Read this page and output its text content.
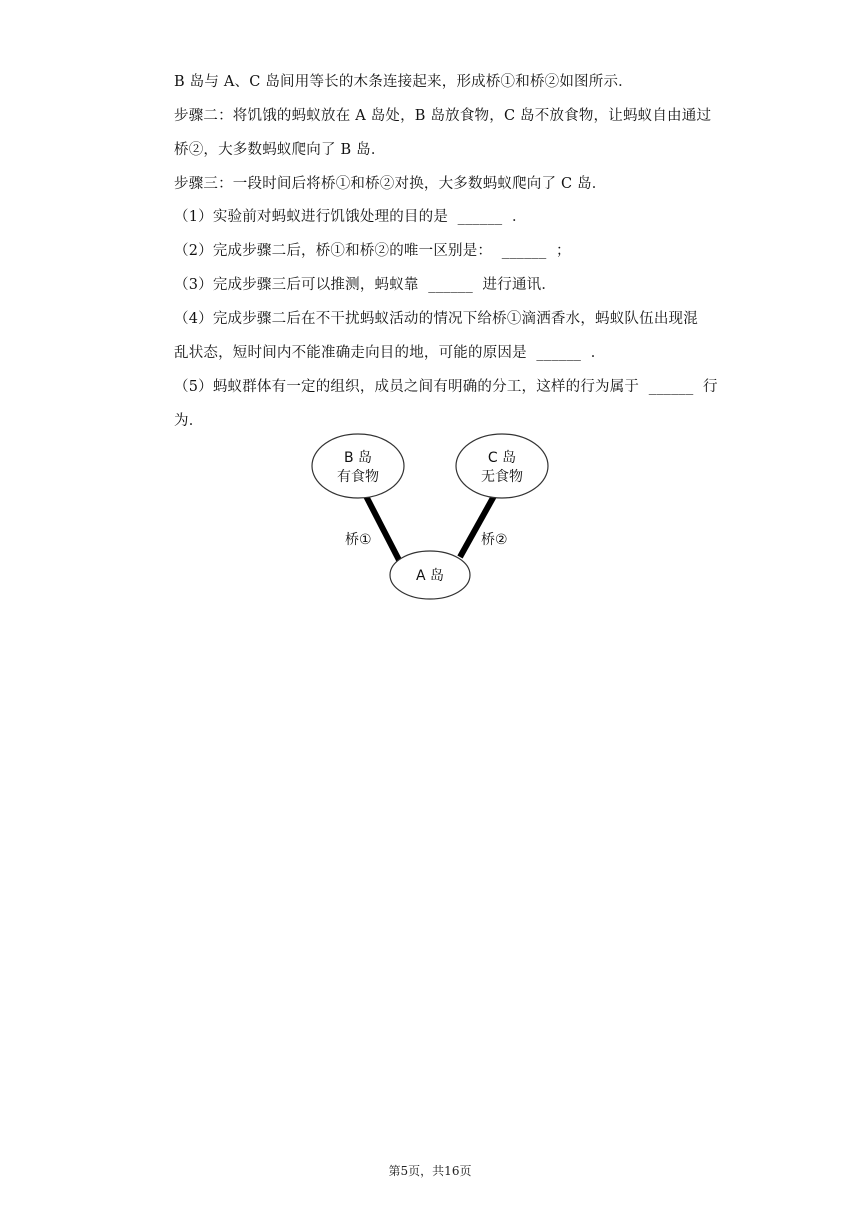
B 岛与 A、C 岛间用等长的木条连接起来，形成桥①和桥②如图所示．
步骤二：将饥饿的蚂蚁放在 A 岛处，B 岛放食物，C 岛不放食物，让蚂蚁自由通过
桥②，大多数蚂蚁爬向了 B 岛．
步骤三：一段时间后将桥①和桥②对换，大多数蚂蚁爬向了 C 岛．
（1）实验前对蚂蚁进行饥饿处理的目的是  ______  ．
（2）完成步骤二后，桥①和桥②的唯一区别是：  ______  ；
（3）完成步骤三后可以推测，蚂蚁靠  ______  进行通讯．
（4）完成步骤二后在不干扰蚂蚁活动的情况下给桥①滴洒香水，蚂蚁队伍出现混
乱状态，短时间内不能准确走向目的地，可能的原因是  ______  ．
（5）蚂蚁群体有一定的组织，成员之间有明确的分工，这样的行为属于  ______  行
为．
B 岛
有食物
C 岛
无食物
A 岛
桥①	桥②
第5页，共16页
